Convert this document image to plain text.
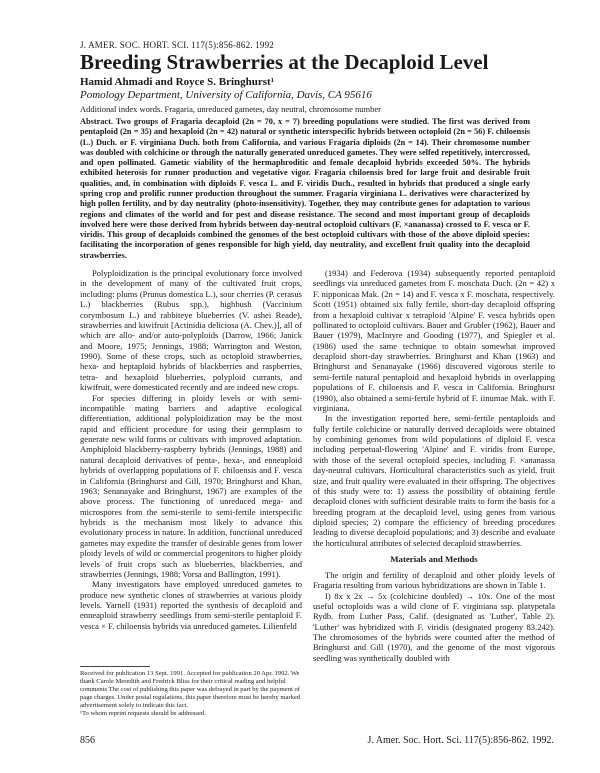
J. AMER. SOC. HORT. SCI. 117(5):856-862. 1992
Breeding Strawberries at the Decaploid Level
Hamid Ahmadi and Royce S. Bringhurst¹
Pomology Department, University of California, Davis, CA 95616
Additional index words. Fragaria, unreduced gametes, day neutral, chromosome number
Abstract. Two groups of Fragaria decaploid (2n = 70, x = 7) breeding populations were studied. The first was derived from pentaploid (2n = 35) and hexaploid (2n = 42) natural or synthetic interspecific hybrids between octoploid (2n = 56) F. chiloensis (L.) Duch. or F. virginiana Duch. both from California, and various Fragaria diploids (2n = 14). Their chromosome number was doubled with colchicine or through the naturally generated unreduced gametes. They were selfed repetitively, intercrossed, and open pollinated. Gametic viability of the hermaphroditic and female decaploid hybrids exceeded 50%. The hybrids exhibited heterosis for runner production and vegetative vigor. Fragaria chiloensis bred for large fruit and desirable fruit qualities, and, in combination with diploids F. vesca L. and F. viridis Duch., resulted in hybrids that produced a single early spring crop and prolific runner production throughout the summer. Fragaria virginiana L. derivatives were characterized by high pollen fertility, and by day neutrality (photo-insensitivity). Together, they may contribute genes for adaptation to various regions and climates of the world and for pest and disease resistance. The second and most important group of decaploids involved here were those derived from hybrids between day-neutral octoploid cultivars (F. ×ananassa) crossed to F. vesca or F. viridis. This group of decaploids combined the genomes of the best octoploid cultivars with those of the above diploid species: facilitating the incorporation of genes responsible for high yield, day neutrality, and excellent fruit quality into the decaploid strawberries.

Polyploidization is the principal evolutionary force involved in the development of many of the cultivated fruit crops, including: plums (Prunus domestica L.), sour cherries (P. cerasus L.) blackberries (Rubus spp.), highbush (Vaccinium corymbosum L.) and rabbiteye blueberries (V. ashei Reade), strawberries and kiwifruit [Actinidia deliciosa (A. Chev.)], all of which are allo- and/or auto-polyploids (Darrow, 1966; Janick and Moore, 1975; Jennings, 1988; Warrington and Weston, 1990). Some of these crops, such as octoploid strawberries, hexa- and heptaploid hybrids of blackberries and raspberries, tetra- and hexaploid blueberries, polyploid currants, and kiwifruit, were domesticated recently and are indeed new crops.

For species differing in ploidy levels or with semi-incompatible mating barriers and adaptive ecological differentiation, additional polyploidization may be the most rapid and efficient procedure for using their germplasm to generate new wild forms or cultivars with improved adaptation. Amphiploid blackberry-raspberry hybrids (Jennings, 1988) and natural decaploid derivatives of penta-, hexa-, and enneaploid hybrids of overlapping populations of F. chiloensis and F. vesca in California (Bringhurst and Gill, 1970; Bringhurst and Khan, 1963; Senanayake and Bringhurst, 1967) are examples of the above process. The functioning of unreduced mega- and microspores from the semi-sterile to semi-fertile interspecific hybrids is the mechanism most likely to advance this evolutionary process in nature. In addition, functional unreduced gametes may expedite the transfer of desirable genes from lower ploidy levels of wild or commercial progenitors to higher ploidy levels of fruit crops such as blueberries, blackberries, and strawberries (Jennings, 1988; Vorsa and Ballington, 1991).

Many investigators have employed unreduced gametes to produce new synthetic clones of strawberries at various ploidy levels. Yarnell (1931) reported the synthesis of decaploid and enneaploid strawberry seedlings from semi-sterile pentaploid F. vesca × F. chiloensis hybrids via unreduced gametes. Lilienfeld

(1934) and Federova (1934) subsequently reported pentaploid seedlings via unreduced gametes from F. moschata Duch. (2n = 42) x F. nipponicaa Mak. (2n = 14) and F. vesca x F. moschata, respectively. Scott (1951) obtained six fully fertile, short-day decaploid offspring from a hexaploid cultivar x tetraploid 'Alpine' F. vesca hybrids open pollinated to octoploid cultivars. Bauer and Grubler (1962), Bauer and Bauer (1979), MacIntyre and Gooding (1977), and Spiegler et al. (1986) used the same technique to obtain somewhat improved decaploid short-day strawberries. Bringhurst and Khan (1963) and Bringhurst and Senanayake (1966) discovered vigorous sterile to semi-fertile natural pentaploid and hexaploid hybrids in overlapping populations of F. chiloensis and F. vesca in California. Bringhurst (1990), also obtained a semi-fertile hybrid of F. iinumae Mak. with F. virginiana.

In the investigation reported here, semi-fertile pentaploids and fully fertile colchicine or naturally derived decaploids were obtained by combining genomes from wild populations of diploid F. vesca including perpetual-flowering 'Alpine' and F. viridis from Europe, with those of the several octoploid species, including F. ×ananassa day-neutral cultivars. Horticultural characteristics such as yield, fruit size, and fruit quality were evaluated in their offspring. The objectives of this study were to: 1) assess the possibility of obtaining fertile decaploid clones with sufficient desirable traits to form the basis for a breeding program at the decaploid level, using genes from various diploid species; 2) compare the efficiency of breeding procedures leading to diverse decaploid populations; and 3) describe and evaluate the horticultural attributes of selected decaploid strawberries.

Materials and Methods

The origin and fertility of decaploid and other ploidy levels of Fragaria resulting from various hybridizations are shown in Table 1.

I) 8x x 2x → 5x (colchicine doubled) → 10x. One of the most useful octoploids was a wild clone of F. virginiana ssp. platypetala Rydb. from Luther Pass, Calif. (designated as 'Luther', Table 2). 'Luther' was hybridized with F. viridis (designated progeny 83.242). The chromosomes of the hybrids were counted after the method of Bringhurst and Gill (1970), and the genome of the most vigorous seedling was synthetically doubled with

Received for publication 13 Sept. 1991. Accepted for publication 20 Apr. 1992. We thank Carole Meredith and Fredrick Bliss for their critical reading and helpful comments The cost of publishing this paper was defrayed in part by the payment of page charges. Under postal regulations, this paper therefore must be hereby marked advertisement solely to indicate this fact.

¹To whom reprint requests should be addressed.

856	J. Amer. Soc. Hort. Sci. 117(5):856-862. 1992.
